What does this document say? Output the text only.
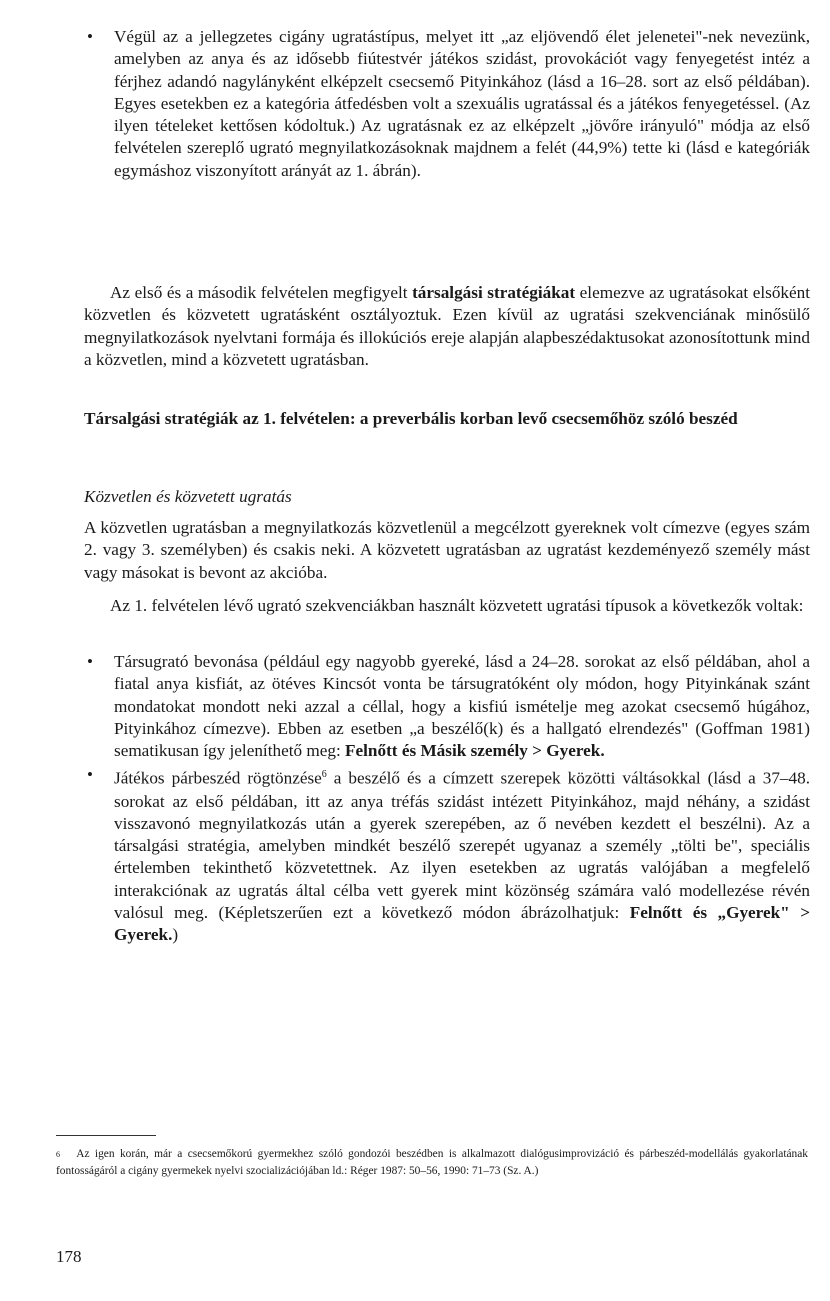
• Végül az a jellegzetes cigány ugratástípus, melyet itt „az eljövendő élet jelenetei"-nek nevezünk, amelyben az anya és az idősebb fiútestvér játékos szidást, provokációt vagy fenyegetést intéz a férjhez adandó nagylányként elképzelt csecsemő Pityinkához (lásd a 16–28. sort az első példában). Egyes esetekben ez a kategória átfedésben volt a szexuális ugratással és a játékos fenyegetéssel. (Az ilyen tételeket kettősen kódoltuk.) Az ugratásnak ez az elképzelt „jövőre irányuló" módja az első felvételen szereplő ugrató megnyilatkozásoknak majdnem a felét (44,9%) tette ki (lásd e kategóriák egymáshoz viszonyított arányát az 1. ábrán).

Az első és a második felvételen megfigyelt társalgási stratégiákat elemezve az ugratásokat elsőként közvetlen és közvetett ugratásként osztályoztuk. Ezen kívül az ugratási szekvenciának minősülő megnyilatkozások nyelvtani formája és illokúciós ereje alapján alapbeszédaktusokat azonosítottunk mind a közvetlen, mind a közvetett ugratásban.

Társalgási stratégiák az 1. felvételen: a preverbális korban levő csecsemőhöz szóló beszéd

Közvetlen és közvetett ugratás

A közvetlen ugratásban a megnyilatkozás közvetlenül a megcélzott gyereknek volt címezve (egyes szám 2. vagy 3. személyben) és csakis neki. A közvetett ugratásban az ugratást kezdeményező személy mást vagy másokat is bevont az akcióba.

Az 1. felvételen lévő ugrató szekvenciákban használt közvetett ugratási típusok a következők voltak:

• Társugrató bevonása (például egy nagyobb gyereké, lásd a 24–28. sorokat az első példában, ahol a fiatal anya kisfiát, az ötéves Kincsót vonta be társugratóként oly módon, hogy Pityinkának szánt mondatokat mondott neki azzal a céllal, hogy a kisfiú ismételje meg azokat csecsemő húgához, Pityinkához címezve). Ebben az esetben „a beszélő(k) és a hallgató elrendezés" (Goffman 1981) sematikusan így jeleníthető meg: Felnőtt és Másik személy > Gyerek.
• Játékos párbeszéd rögtönzése$^6$ a beszélő és a címzett szerepek közötti váltásokkal (lásd a 37–48. sorokat az első példában, itt az anya tréfás szidást intézett Pityinkához, majd néhány, a szidást visszavonó megnyilatkozás után a gyerek szerepében, az ő nevében kezdett el beszélni). Az a társalgási stratégia, amelyben mindkét beszélő szerepét ugyanaz a személy „tölti be", speciális értelemben tekinthető közvetettnek. Az ilyen esetekben az ugratás valójában a megfelelő interakciónak az ugratás által célba vett gyerek mint közönség számára való modellezése révén valósul meg. (Képletszerűen ezt a következő módon ábrázolhatjuk: Felnőtt és „Gyerek" > Gyerek.)

$^6$ Az igen korán, már a csecsemőkorú gyermekhez szóló gondozói beszédben is alkalmazott dialógusimprovizáció és párbeszéd-modellálás gyakorlatának fontosságáról a cigány gyermekek nyelvi szocializációjában ld.: Réger 1987: 50–56, 1990: 71–73 (Sz. A.)

178
